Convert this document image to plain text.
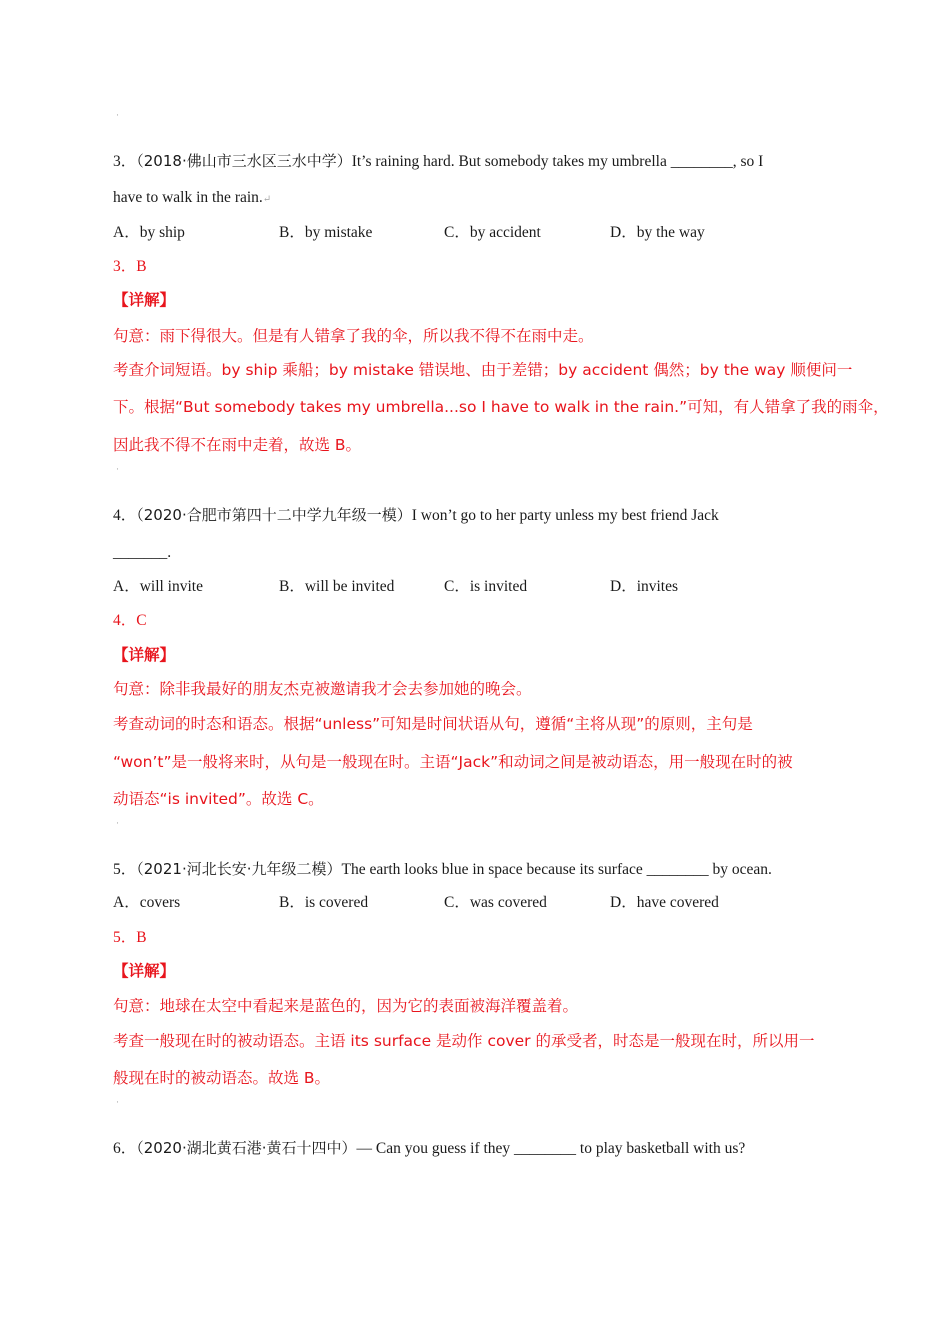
·
3．（2018·佛山市三水区三水中学）It’s raining hard. But somebody takes my umbrella ________, so I
have to walk in the rain.↵
A．by ship	B．by mistake	C．by accident	D．by the way
3．B
【详解】
句意：雨下得很大。但是有人错拿了我的伞，所以我不得不在雨中走。
考查介词短语。by ship 乘船；by mistake 错误地、由于差错；by accident 偶然；by the way 顺便问一
下。根据“But somebody takes my umbrella...so I have to walk in the rain.”可知，有人错拿了我的雨伞，
因此我不得不在雨中走着，故选 B。
·
4．（2020·合肥市第四十二中学九年级一模）I won’t go to her party unless my best friend Jack
_______.
A．will invite	B．will be invited	C．is invited	D．invites
4．C
【详解】
句意：除非我最好的朋友杰克被邀请我才会去参加她的晚会。
考查动词的时态和语态。根据“unless”可知是时间状语从句，遵循“主将从现”的原则，主句是
“won’t”是一般将来时，从句是一般现在时。主语“Jack”和动词之间是被动语态，用一般现在时的被
动语态“is invited”。故选 C。
·
5．（2021·河北长安·九年级二模）The earth looks blue in space because its surface ________ by ocean.
A．covers	B．is covered	C．was covered	D．have covered
5．B
【详解】
句意：地球在太空中看起来是蓝色的，因为它的表面被海洋覆盖着。
考查一般现在时的被动语态。主语 its surface 是动作 cover 的承受者，时态是一般现在时，所以用一
般现在时的被动语态。故选 B。
·
6．（2020·湖北黄石港·黄石十四中）— Can you guess if they ________ to play basketball with us?
